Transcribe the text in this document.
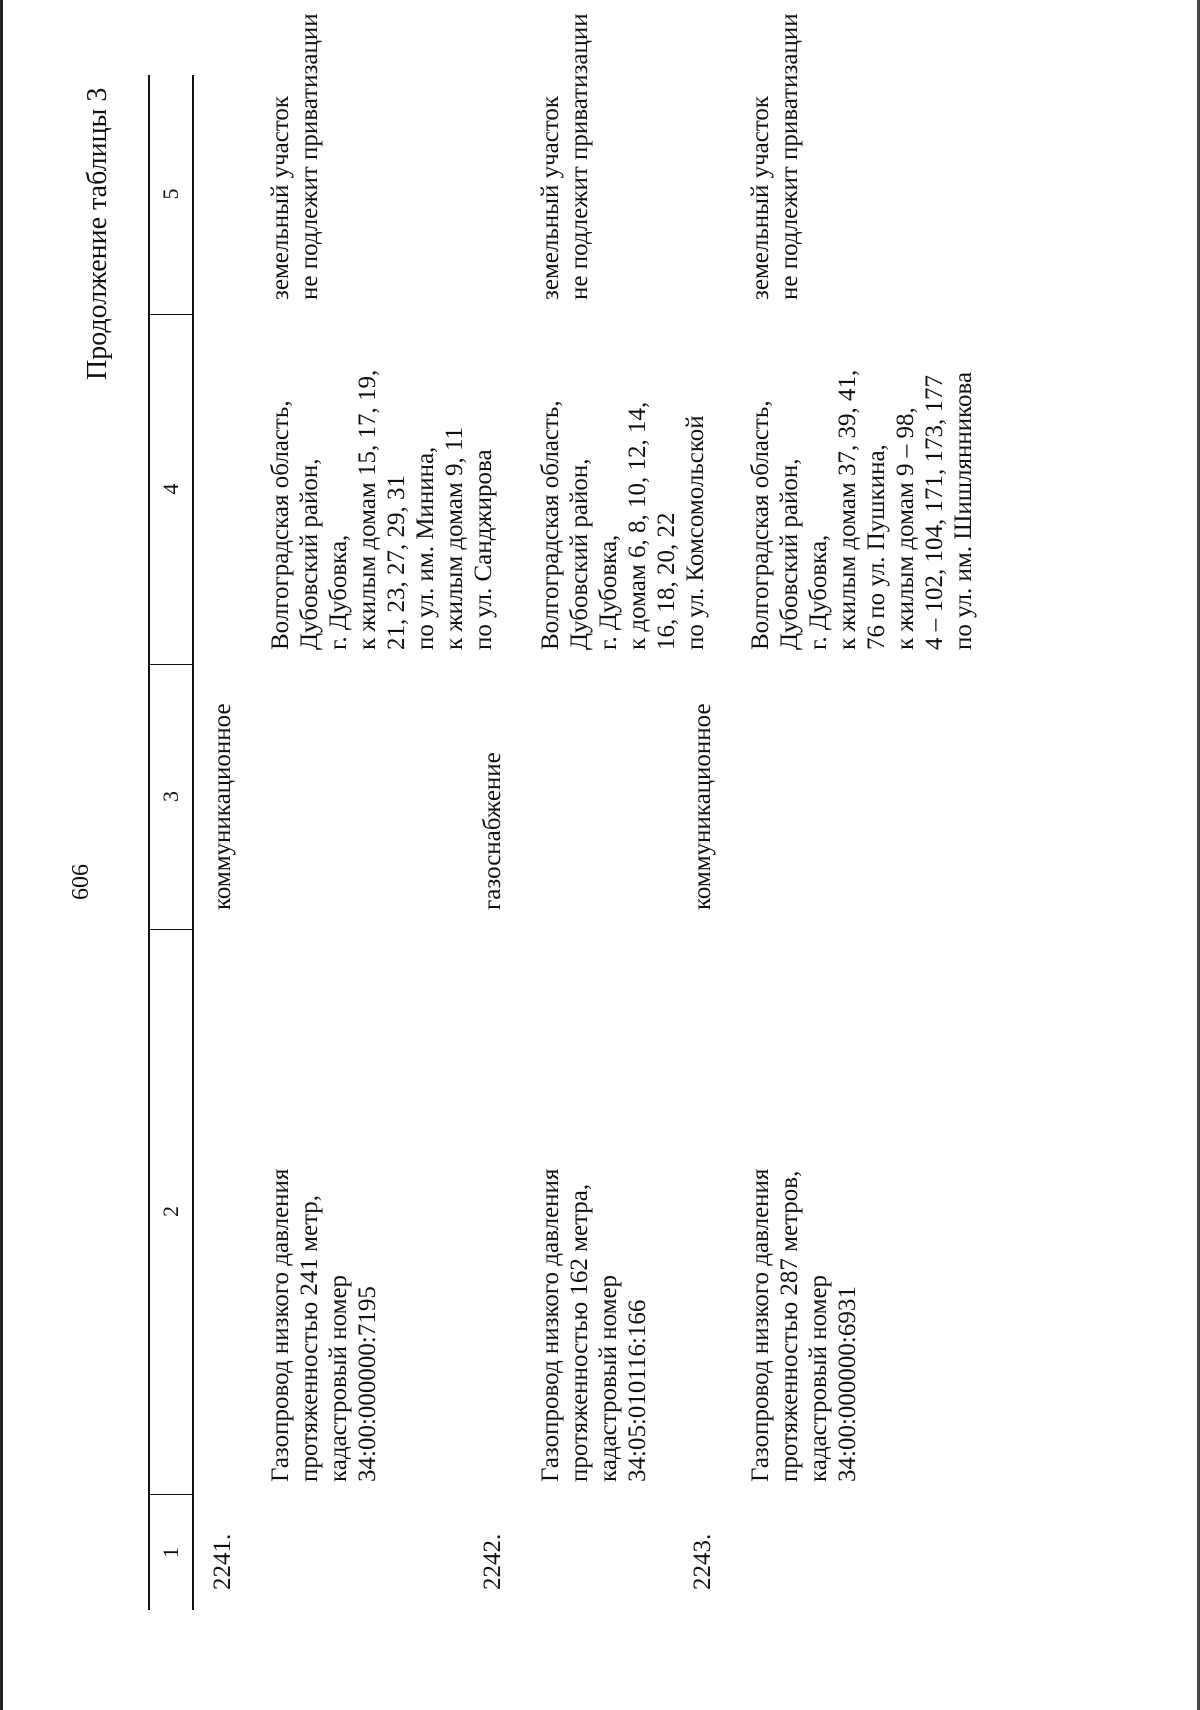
606
Продолжение таблицы 3
1
2
3
4
5
2241.

Газопровод низкого давления протяженностью 241 метр, кадастровый номер 34:00:000000:7195

коммуникационное

Волгоградская область, Дубовский район, г. Дубовка, к жилым домам 15, 17, 19, 21, 23, 27, 29, 31 по ул. им. Минина, к жилым домам 9, 11 по ул. Санджирова

земельный участок не подлежит приватизации

2242.

Газопровод низкого давления протяженностью 162 метра, кадастровый номер 34:05:010116:166

газоснабжение

Волгоградская область, Дубовский район, г. Дубовка, к домам 6, 8, 10, 12, 14, 16, 18, 20, 22 по ул. Комсомольской

земельный участок не подлежит приватизации

2243.

Газопровод низкого давления протяженностью 287 метров, кадастровый номер 34:00:000000:6931

коммуникационное

Волгоградская область, Дубовский район, г. Дубовка, к жилым домам 37, 39, 41, 76 по ул. Пушкина, к жилым домам 9 – 98, 4 – 102, 104, 171, 173, 177 по ул. им. Шишлянникова

земельный участок не подлежит приватизации
